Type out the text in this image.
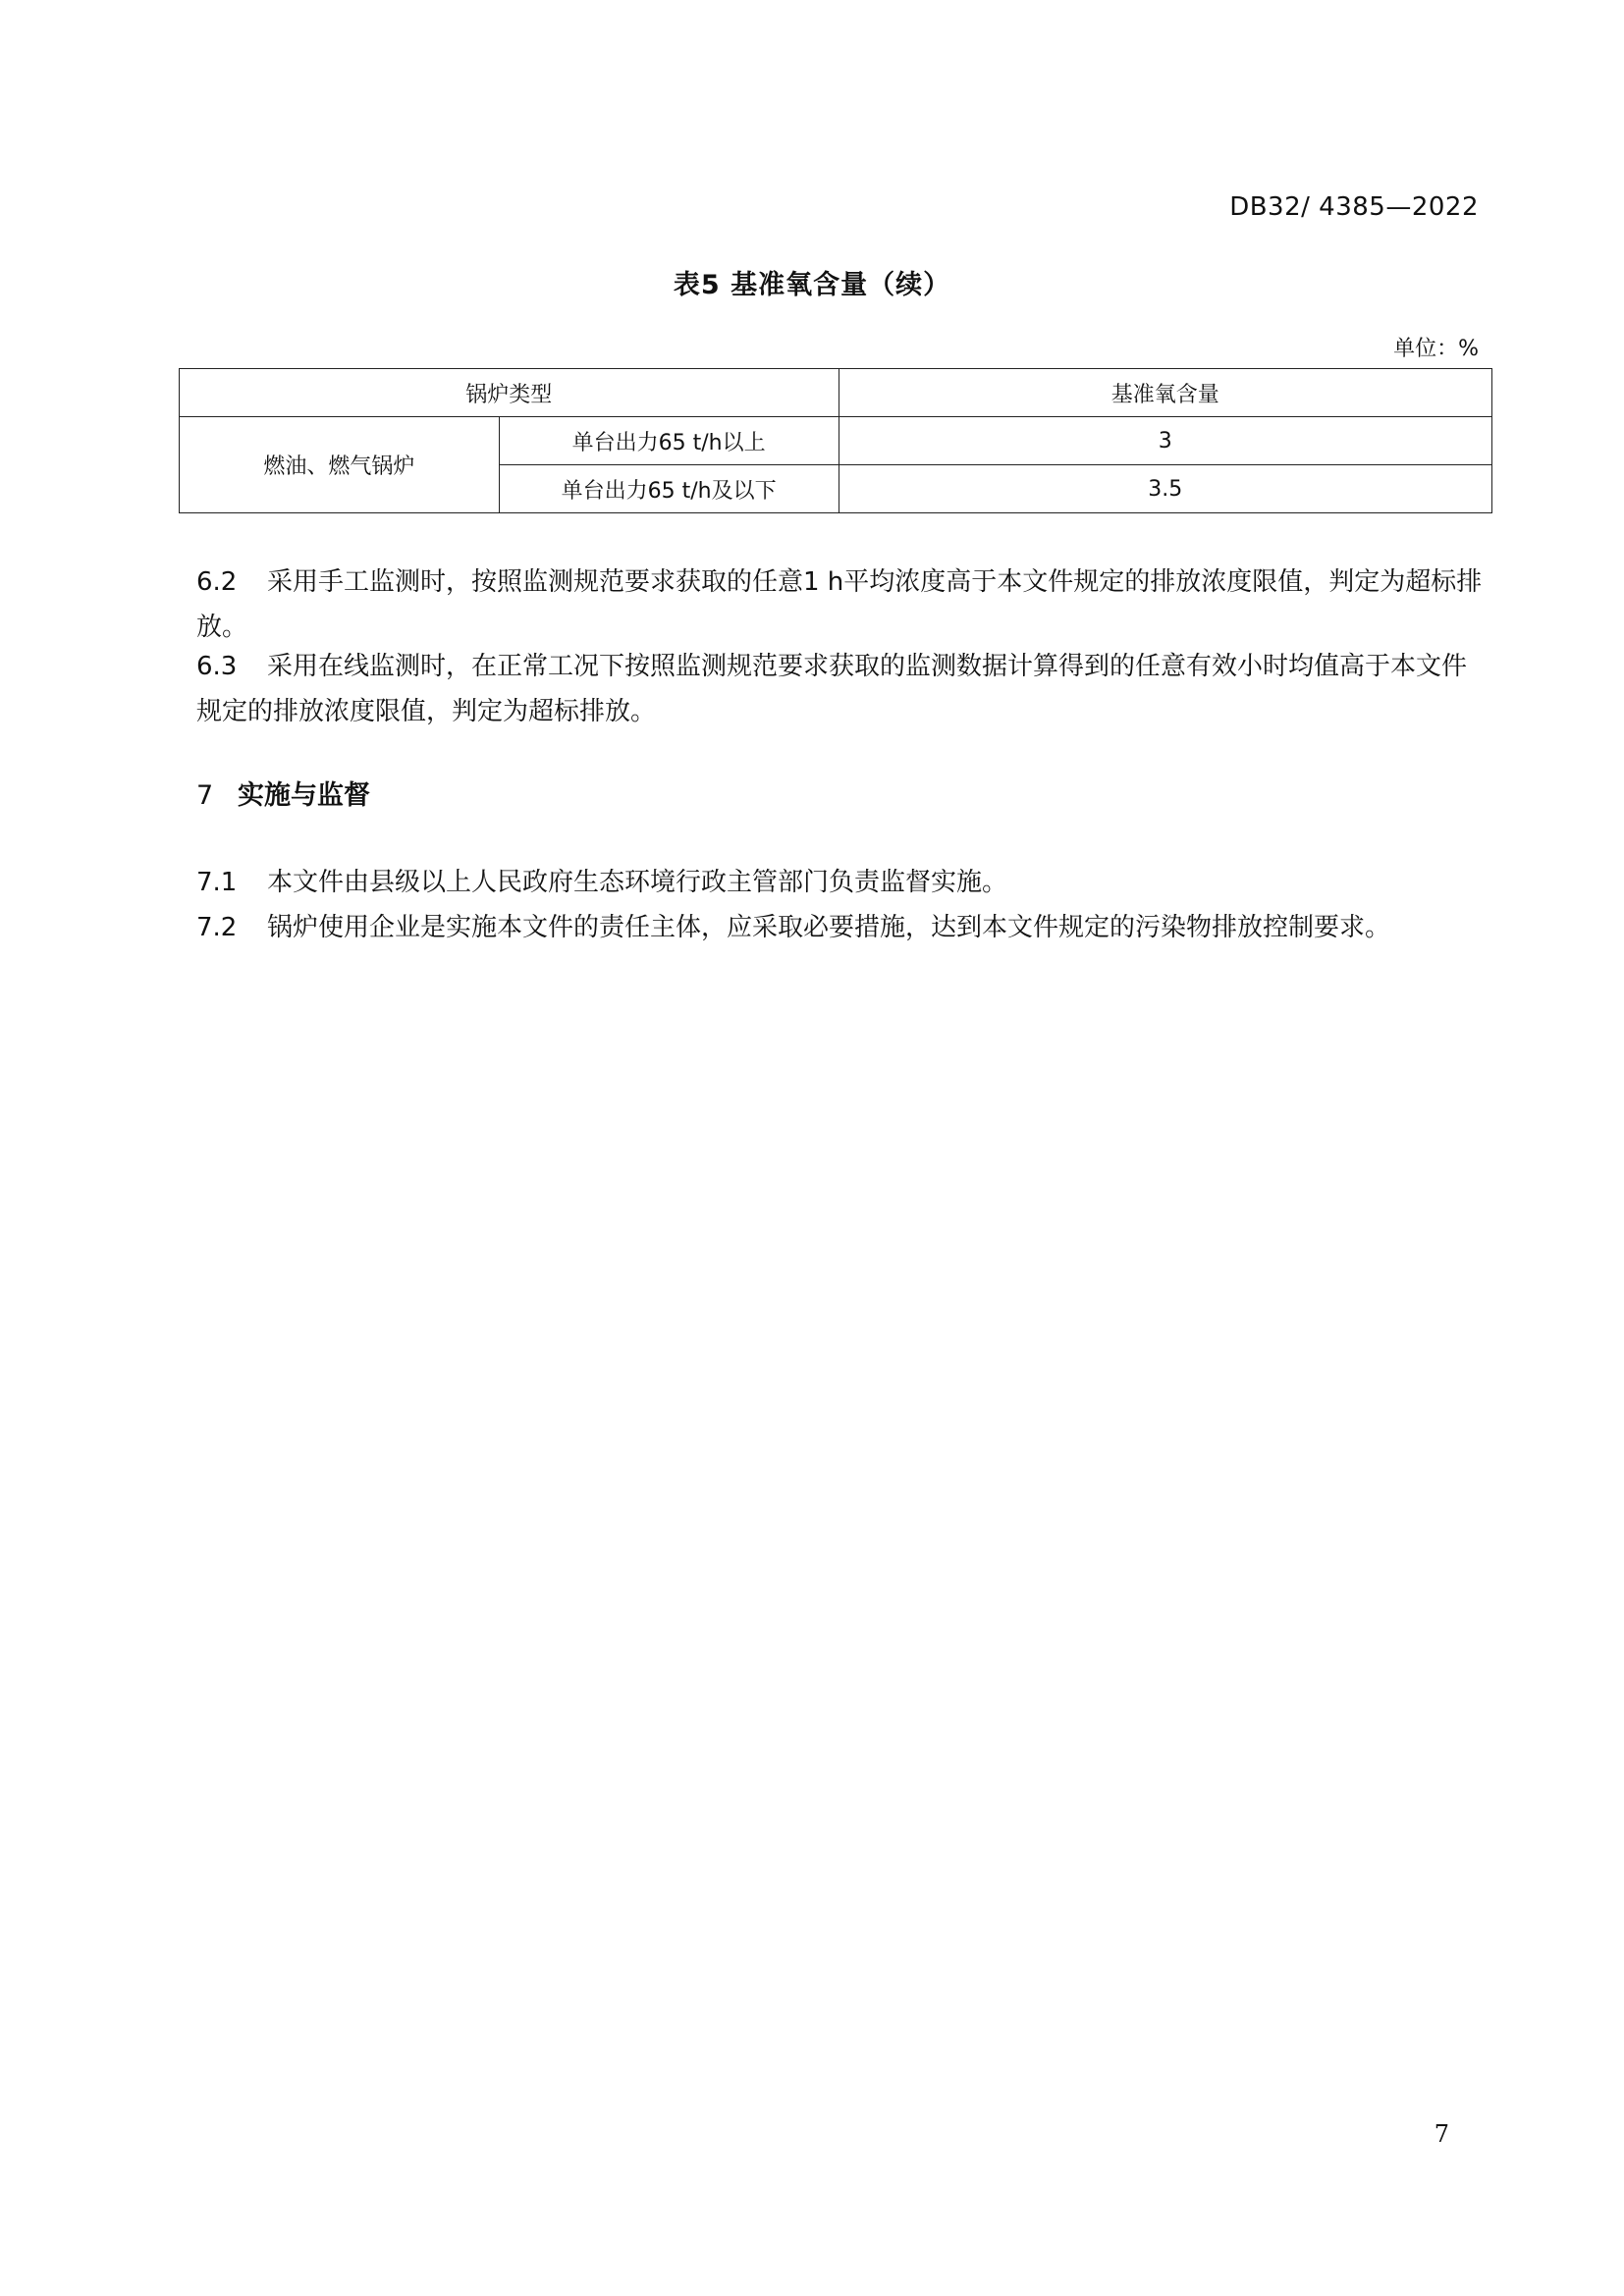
DB32/ 4385—2022
表5 基准氧含量（续）
单位：%
锅炉类型		基准氧含量
燃油、燃气锅炉	单台出力65 t/h以上	3
	单台出力65 t/h及以下	3.5
6.2 采用手工监测时，按照监测规范要求获取的任意1 h平均浓度高于本文件规定的排放浓度限值，判定为超标排放。
6.3 采用在线监测时，在正常工况下按照监测规范要求获取的监测数据计算得到的任意有效小时均值高于本文件规定的排放浓度限值，判定为超标排放。
7 实施与监督
7.1 本文件由县级以上人民政府生态环境行政主管部门负责监督实施。
7.2 锅炉使用企业是实施本文件的责任主体，应采取必要措施，达到本文件规定的污染物排放控制要求。
7
